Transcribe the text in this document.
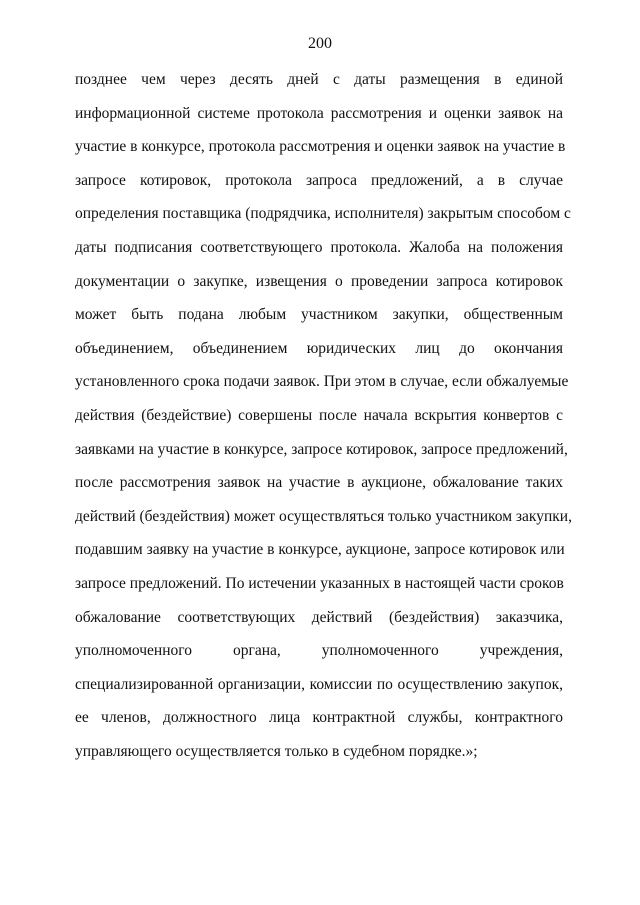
200
позднее чем через десять дней с даты размещения в единой
информационной системе протокола рассмотрения и оценки заявок на
участие в конкурсе, протокола рассмотрения и оценки заявок на участие в
запросе котировок, протокола запроса предложений, а в случае
определения поставщика (подрядчика, исполнителя) закрытым способом с
даты подписания соответствующего протокола. Жалоба на положения
документации о закупке, извещения о проведении запроса котировок
может быть подана любым участником закупки, общественным
объединением, объединением юридических лиц до окончания
установленного срока подачи заявок. При этом в случае, если обжалуемые
действия (бездействие) совершены после начала вскрытия конвертов с
заявками на участие в конкурсе, запросе котировок, запросе предложений,
после рассмотрения заявок на участие в аукционе, обжалование таких
действий (бездействия) может осуществляться только участником закупки,
подавшим заявку на участие в конкурсе, аукционе, запросе котировок или
запросе предложений. По истечении указанных в настоящей части сроков
обжалование соответствующих действий (бездействия) заказчика,
уполномоченного органа, уполномоченного учреждения,
специализированной организации, комиссии по осуществлению закупок,
ее членов, должностного лица контрактной службы, контрактного
управляющего осуществляется только в судебном порядке.»;
